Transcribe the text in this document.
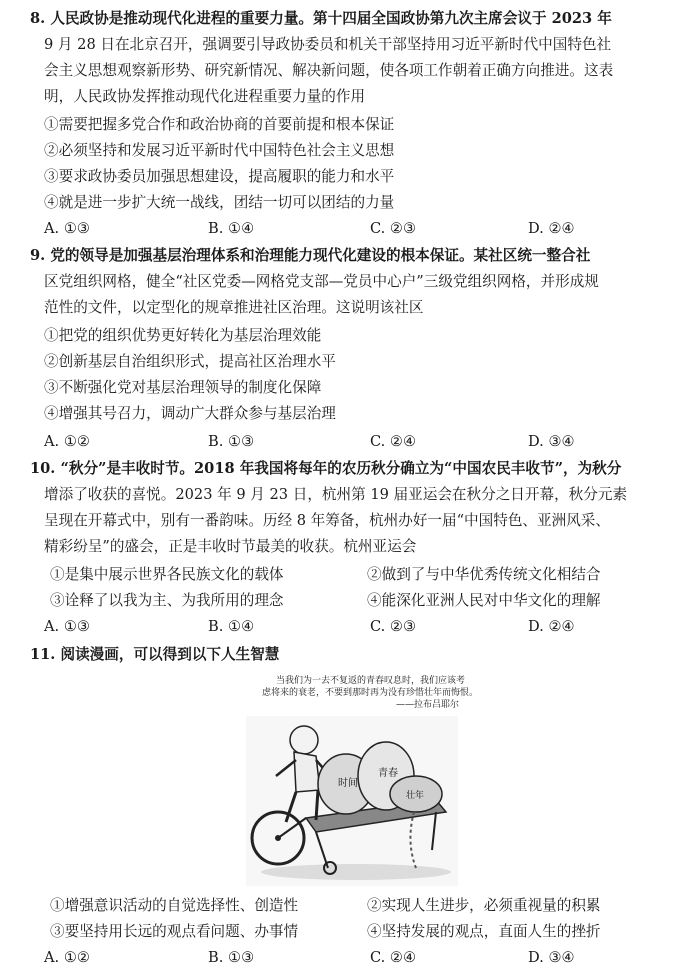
8. 人民政协是推动现代化进程的重要力量。第十四届全国政协第九次主席会议于 2023 年
9 月 28 日在北京召开，强调要引导政协委员和机关干部坚持用习近平新时代中国特色社
会主义思想观察新形势、研究新情况、解决新问题，使各项工作朝着正确方向推进。这表
明，人民政协发挥推动现代化进程重要力量的作用
①需要把握多党合作和政治协商的首要前提和根本保证
②必须坚持和发展习近平新时代中国特色社会主义思想
③要求政协委员加强思想建设，提高履职的能力和水平
④就是进一步扩大统一战线，团结一切可以团结的力量
A. ①③	B. ①④	C. ②③	D. ②④
9. 党的领导是加强基层治理体系和治理能力现代化建设的根本保证。某社区统一整合社
区党组织网格，健全“社区党委—网格党支部—党员中心户”三级党组织网格，并形成规
范性的文件，以定型化的规章推进社区治理。这说明该社区
①把党的组织优势更好转化为基层治理效能
②创新基层自治组织形式，提高社区治理水平
③不断强化党对基层治理领导的制度化保障
④增强其号召力，调动广大群众参与基层治理
A. ①②	B. ①③	C. ②④	D. ③④
10. “秋分”是丰收时节。2018 年我国将每年的农历秋分确立为“中国农民丰收节”，为秋分
增添了收获的喜悦。2023 年 9 月 23 日，杭州第 19 届亚运会在秋分之日开幕，秋分元素
呈现在开幕式中，别有一番韵味。历经 8 年筹备，杭州办好一届“中国特色、亚洲风采、
精彩纷呈”的盛会，正是丰收时节最美的收获。杭州亚运会
①是集中展示世界各民族文化的载体	②做到了与中华优秀传统文化相结合
③诠释了以我为主、为我所用的理念	④能深化亚洲人民对中华文化的理解
A. ①③	B. ①④	C. ②③	D. ②④
11. 阅读漫画，可以得到以下人生智慧
时间
青春
壮年
当我们为一去不复返的青春叹息时，我们应该考
虑将来的衰老，不要到那时再为没有珍惜壮年而悔恨。
——拉布吕耶尔
①增强意识活动的自觉选择性、创造性	②实现人生进步，必须重视量的积累
③要坚持用长远的观点看问题、办事情	④坚持发展的观点，直面人生的挫折
A. ①②	B. ①③	C. ②④	D. ③④
